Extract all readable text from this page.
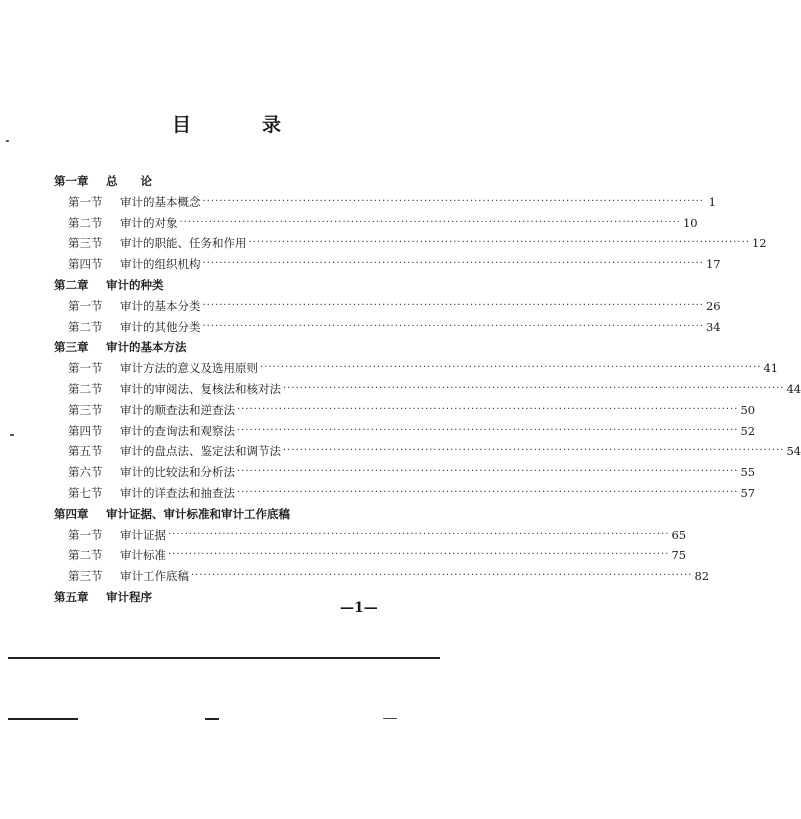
目	录
第一章	总　　论
第一节	审计的基本概念 ························································································································ 1
第二节	审计的对象 ························································································································ 10
第三节	审计的职能、任务和作用 ························································································································ 12
第四节	审计的组织机构 ························································································································ 17
第二章	审计的种类
第一节	审计的基本分类 ························································································································ 26
第二节	审计的其他分类 ························································································································ 34
第三章	审计的基本方法
第一节	审计方法的意义及选用原则 ························································································································ 41
第二节	审计的审阅法、复核法和核对法 ························································································································ 44
第三节	审计的顺查法和逆查法 ························································································································ 50
第四节	审计的查询法和观察法 ························································································································ 52
第五节	审计的盘点法、鉴定法和调节法 ························································································································ 54
第六节	审计的比较法和分析法 ························································································································ 55
第七节	审计的详查法和抽查法 ························································································································ 57
第四章	审计证据、审计标准和审计工作底稿
第一节	审计证据 ························································································································ 65
第二节	审计标准 ························································································································ 75
第三节	审计工作底稿 ························································································································ 82
第五章	审计程序
—1—
